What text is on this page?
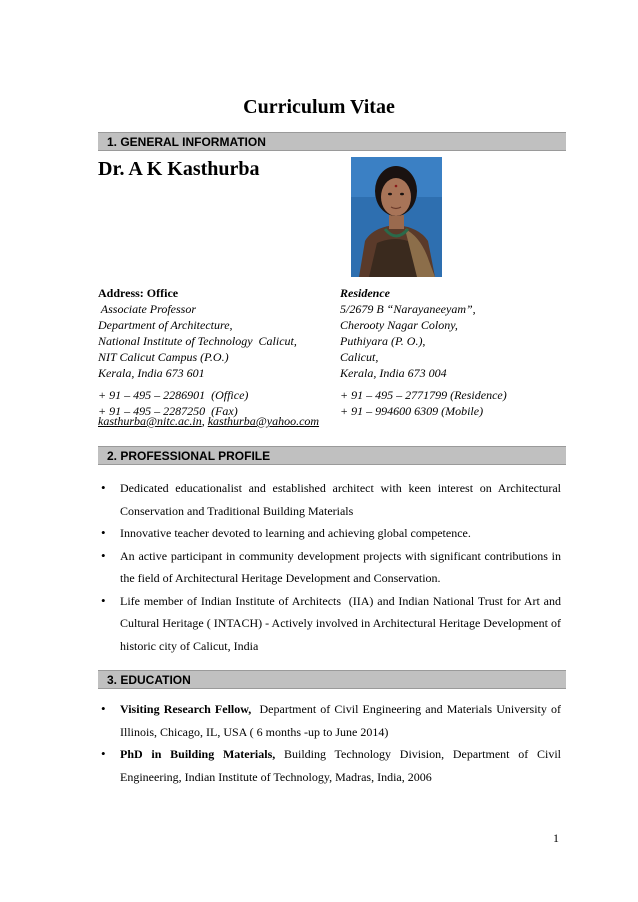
Curriculum Vitae
1. GENERAL INFORMATION
Dr. A K Kasthurba
Address: Office
Associate Professor
Department of Architecture,
National Institute of Technology  Calicut,
NIT Calicut Campus (P.O.)
Kerala, India 673 601
+ 91 – 495 – 2286901  (Office)
+ 91 – 495 – 2287250  (Fax)
Residence
5/2679 B “Narayaneeyam”,
Cherooty Nagar Colony,
Puthiyara (P. O.),
Calicut,
Kerala, India 673 004
+ 91 – 495 – 2771799 (Residence)
+ 91 – 994600 6309 (Mobile)
kasthurba@nitc.ac.in, kasthurba@yahoo.com
2. PROFESSIONAL PROFILE
• Dedicated educationalist and established architect with keen interest on Architectural Conservation and Traditional Building Materials
• Innovative teacher devoted to learning and achieving global competence.
• An active participant in community development projects with significant contributions in the field of Architectural Heritage Development and Conservation.
• Life member of Indian Institute of Architects  (IIA) and Indian National Trust for Art and Cultural Heritage ( INTACH) - Actively involved in Architectural Heritage Development of historic city of Calicut, India
3. EDUCATION
• Visiting Research Fellow,  Department of Civil Engineering and Materials University of Illinois, Chicago, IL, USA ( 6 months -up to June 2014)
• PhD in Building Materials, Building Technology Division, Department of Civil Engineering, Indian Institute of Technology, Madras, India, 2006
1
